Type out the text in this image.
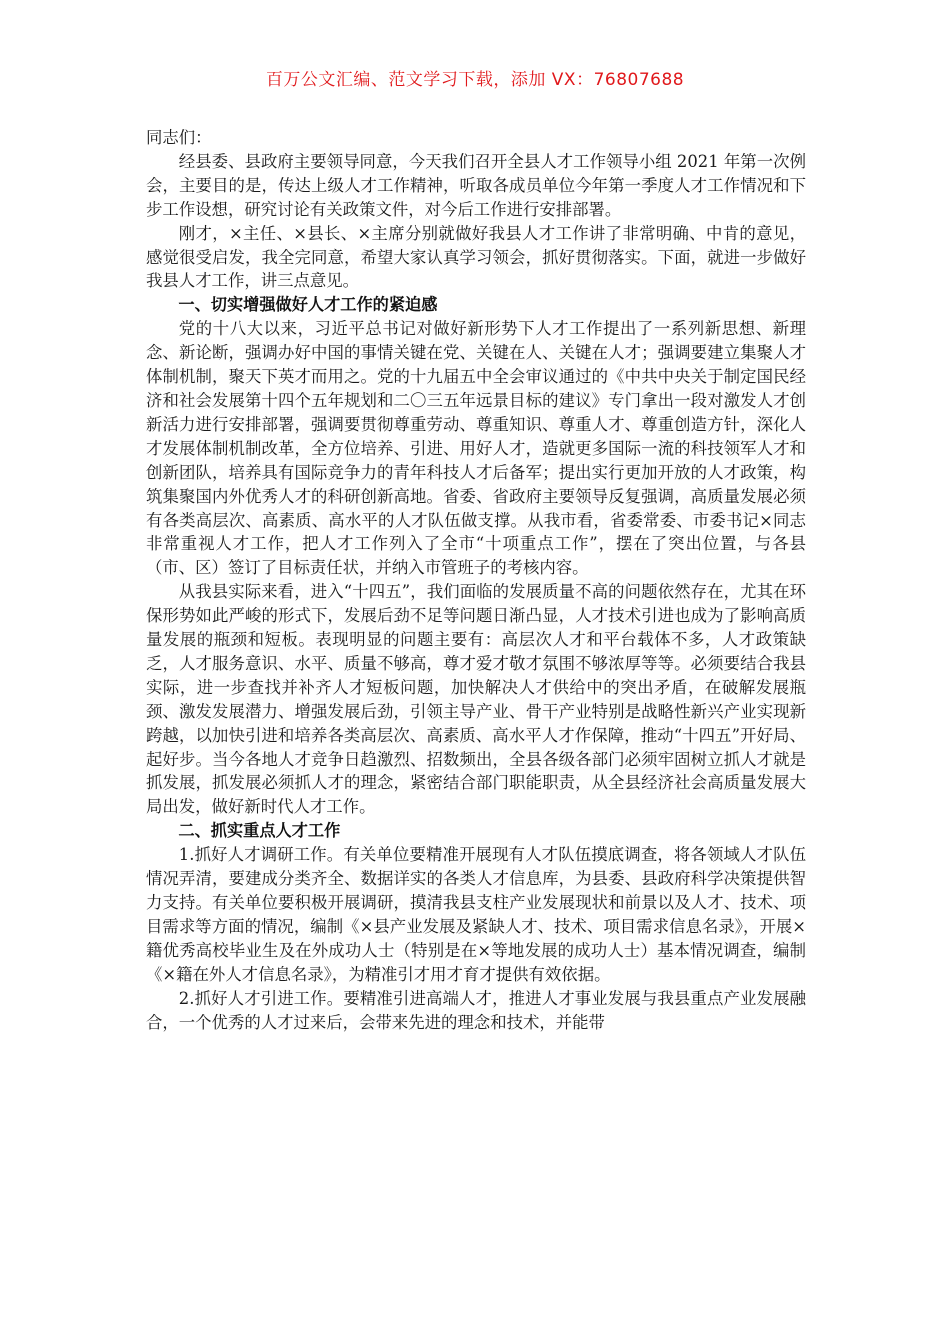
百万公文汇编、范文学习下载，添加 VX：76807688

同志们：

经县委、县政府主要领导同意，今天我们召开全县人才工作领导小组 2021 年第一次例会，主要目的是，传达上级人才工作精神，听取各成员单位今年第一季度人才工作情况和下步工作设想，研究讨论有关政策文件，对今后工作进行安排部署。

刚才，×主任、×县长、×主席分别就做好我县人才工作讲了非常明确、中肯的意见，感觉很受启发，我全完同意，希望大家认真学习领会，抓好贯彻落实。下面，就进一步做好我县人才工作，讲三点意见。

一、切实增强做好人才工作的紧迫感

党的十八大以来，习近平总书记对做好新形势下人才工作提出了一系列新思想、新理念、新论断，强调办好中国的事情关键在党、关键在人、关键在人才；强调要建立集聚人才体制机制，聚天下英才而用之。党的十九届五中全会审议通过的《中共中央关于制定国民经济和社会发展第十四个五年规划和二〇三五年远景目标的建议》专门拿出一段对激发人才创新活力进行安排部署，强调要贯彻尊重劳动、尊重知识、尊重人才、尊重创造方针，深化人才发展体制机制改革，全方位培养、引进、用好人才，造就更多国际一流的科技领军人才和创新团队，培养具有国际竞争力的青年科技人才后备军；提出实行更加开放的人才政策，构筑集聚国内外优秀人才的科研创新高地。省委、省政府主要领导反复强调，高质量发展必须有各类高层次、高素质、高水平的人才队伍做支撑。从我市看，省委常委、市委书记×同志非常重视人才工作，把人才工作列入了全市“十项重点工作”，摆在了突出位置，与各县（市、区）签订了目标责任状，并纳入市管班子的考核内容。

从我县实际来看，进入“十四五”，我们面临的发展质量不高的问题依然存在，尤其在环保形势如此严峻的形式下，发展后劲不足等问题日渐凸显，人才技术引进也成为了影响高质量发展的瓶颈和短板。表现明显的问题主要有：高层次人才和平台载体不多，人才政策缺乏，人才服务意识、水平、质量不够高，尊才爱才敬才氛围不够浓厚等等。必须要结合我县实际，进一步查找并补齐人才短板问题，加快解决人才供给中的突出矛盾，在破解发展瓶颈、激发发展潜力、增强发展后劲，引领主导产业、骨干产业特别是战略性新兴产业实现新跨越，以加快引进和培养各类高层次、高素质、高水平人才作保障，推动“十四五”开好局、起好步。当今各地人才竞争日趋激烈、招数频出，全县各级各部门必须牢固树立抓人才就是抓发展，抓发展必须抓人才的理念，紧密结合部门职能职责，从全县经济社会高质量发展大局出发，做好新时代人才工作。

二、抓实重点人才工作

1.抓好人才调研工作。有关单位要精准开展现有人才队伍摸底调查，将各领域人才队伍情况弄清，要建成分类齐全、数据详实的各类人才信息库，为县委、县政府科学决策提供智力支持。有关单位要积极开展调研，摸清我县支柱产业发展现状和前景以及人才、技术、项目需求等方面的情况，编制《×县产业发展及紧缺人才、技术、项目需求信息名录》，开展×籍优秀高校毕业生及在外成功人士（特别是在×等地发展的成功人士）基本情况调查，编制《×籍在外人才信息名录》，为精准引才用才育才提供有效依据。

2.抓好人才引进工作。要精准引进高端人才，推进人才事业发展与我县重点产业发展融合，一个优秀的人才过来后，会带来先进的理念和技术，并能带
